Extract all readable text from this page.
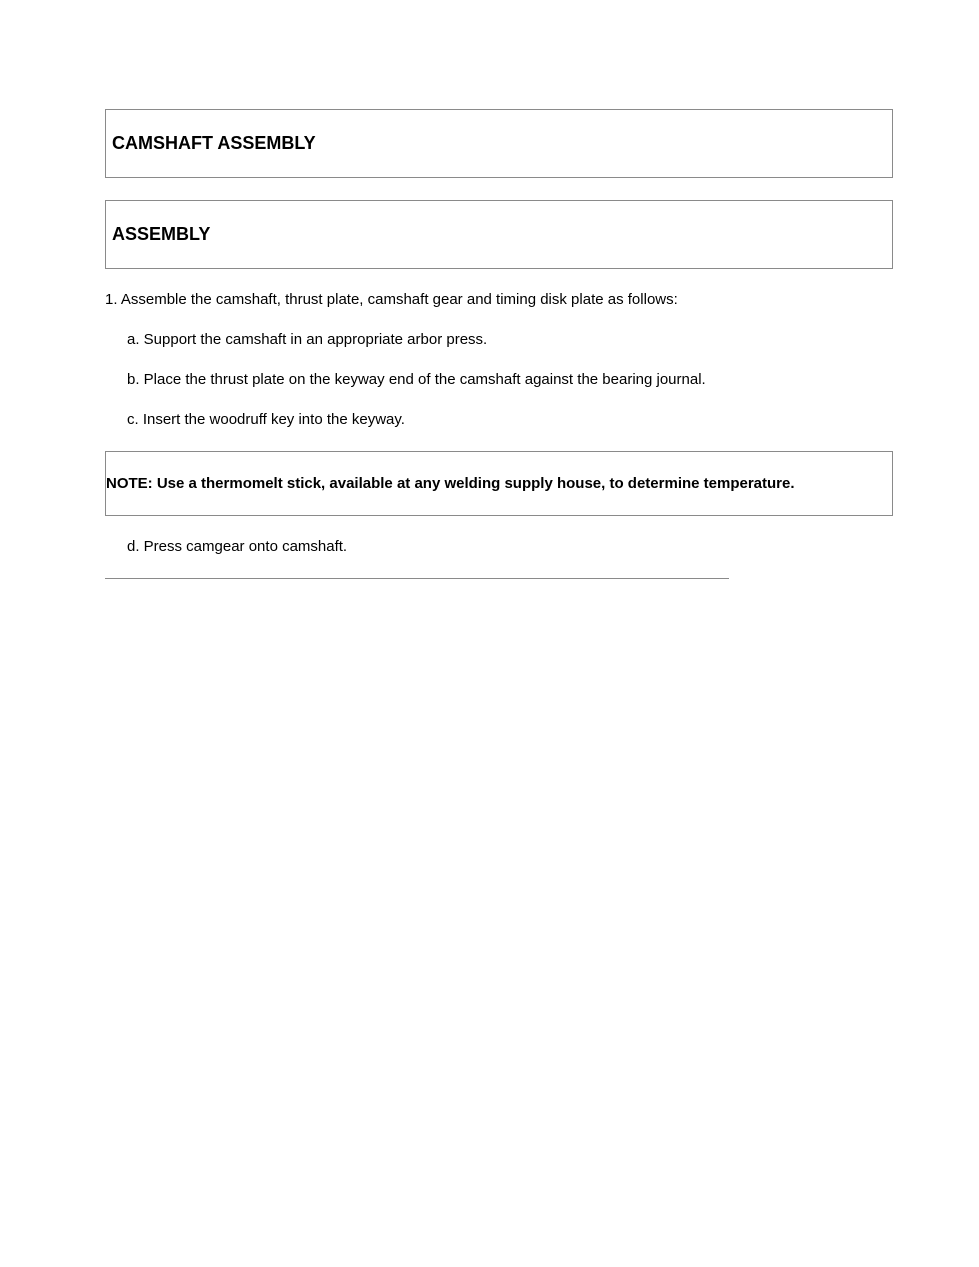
CAMSHAFT ASSEMBLY
ASSEMBLY
1. Assemble the camshaft, thrust plate, camshaft gear and timing disk plate as follows:
a. Support the camshaft in an appropriate arbor press.
b. Place the thrust plate on the keyway end of the camshaft against the bearing journal.
c. Insert the woodruff key into the keyway.
NOTE: Use a thermomelt stick, available at any welding supply house, to determine temperature.
d. Press camgear onto camshaft.
